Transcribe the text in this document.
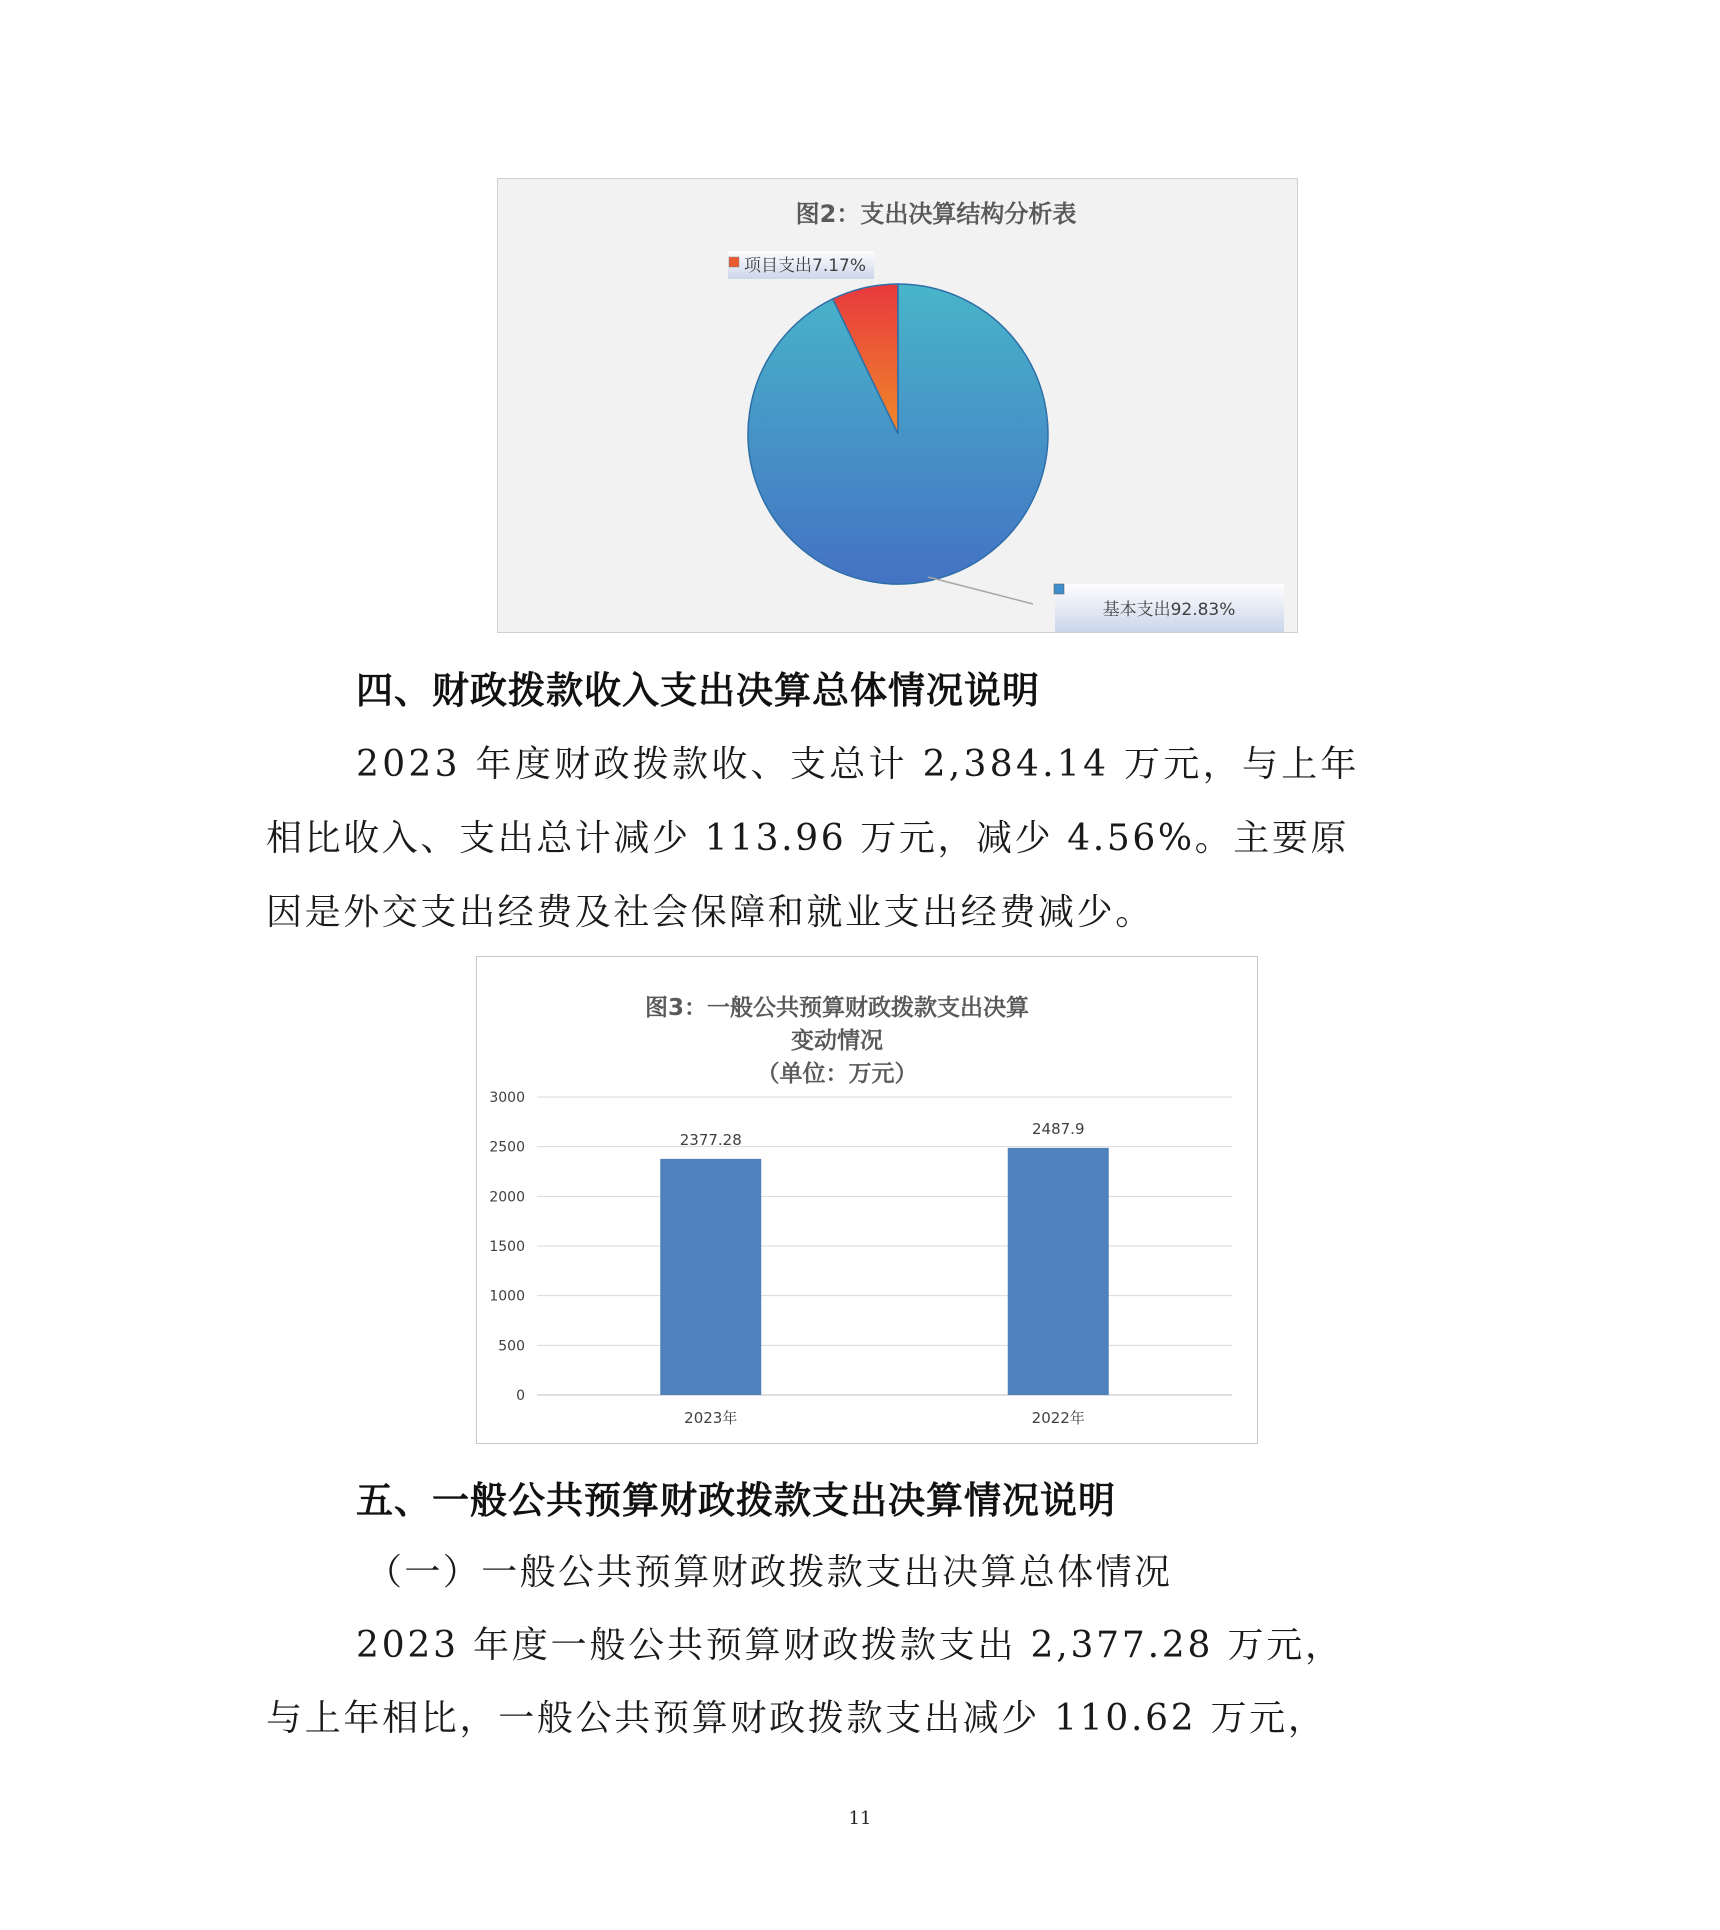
图2：支出决算结构分析表
项目支出7.17%
基本支出92.83%
四、财政拨款收入支出决算总体情况说明

2023 年度财政拨款收、支总计 2,384.14 万元，与上年

相比收入、支出总计减少 113.96 万元，减少 4.56%。主要原

因是外交支出经费及社会保障和就业支出经费减少。

图3：一般公共预算财政拨款支出决算
变动情况
（单位：万元）
0
500
1000
1500
2000
2500
3000
2377.28
2023年
2487.9
2022年
五、一般公共预算财政拨款支出决算情况说明

（一）一般公共预算财政拨款支出决算总体情况

2023 年度一般公共预算财政拨款支出 2,377.28 万元，

与上年相比，一般公共预算财政拨款支出减少 110.62 万元，

11
